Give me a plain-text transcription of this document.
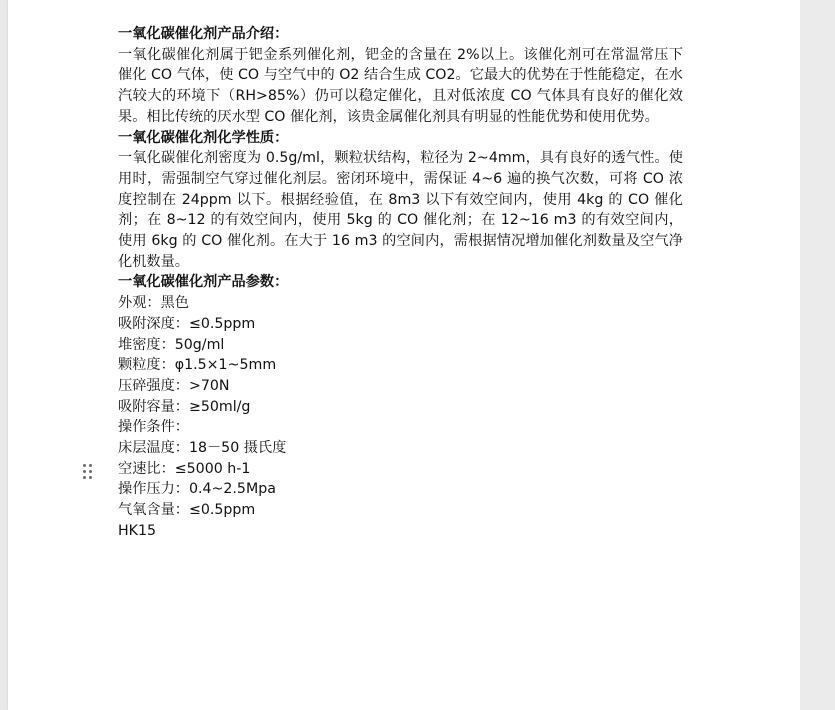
一氧化碳催化剂产品介绍：
一氧化碳催化剂属于钯金系列催化剂，钯金的含量在 2%以上。该催化剂可在常温常压下催化 CO 气体，使 CO 与空气中的 O2 结合生成 CO2。它最大的优势在于性能稳定，在水汽较大的环境下（RH>85%）仍可以稳定催化，且对低浓度 CO 气体具有良好的催化效果。相比传统的厌水型 CO 催化剂，该贵金属催化剂具有明显的性能优势和使用优势。
一氧化碳催化剂化学性质：
一氧化碳催化剂密度为 0.5g/ml，颗粒状结构，粒径为 2~4mm，具有良好的透气性。使用时，需强制空气穿过催化剂层。密闭环境中，需保证 4~6 遍的换气次数，可将 CO 浓度控制在 24ppm 以下。根据经验值，在 8m3 以下有效空间内，使用 4kg 的 CO 催化剂；在 8~12 的有效空间内，使用 5kg 的 CO 催化剂；在 12~16 m3 的有效空间内，使用 6kg 的 CO 催化剂。在大于 16 m3 的空间内，需根据情况增加催化剂数量及空气净化机数量。
一氧化碳催化剂产品参数：
外观：黑色
吸附深度：≤0.5ppm
堆密度：50g/ml
颗粒度：φ1.5×1~5mm
压碎强度：>70N
吸附容量：≥50ml/g
操作条件：
床层温度：18－50 摄氏度
空速比：≤5000 h-1
操作压力：0.4~2.5Mpa
气氧含量：≤0.5ppm
HK15
